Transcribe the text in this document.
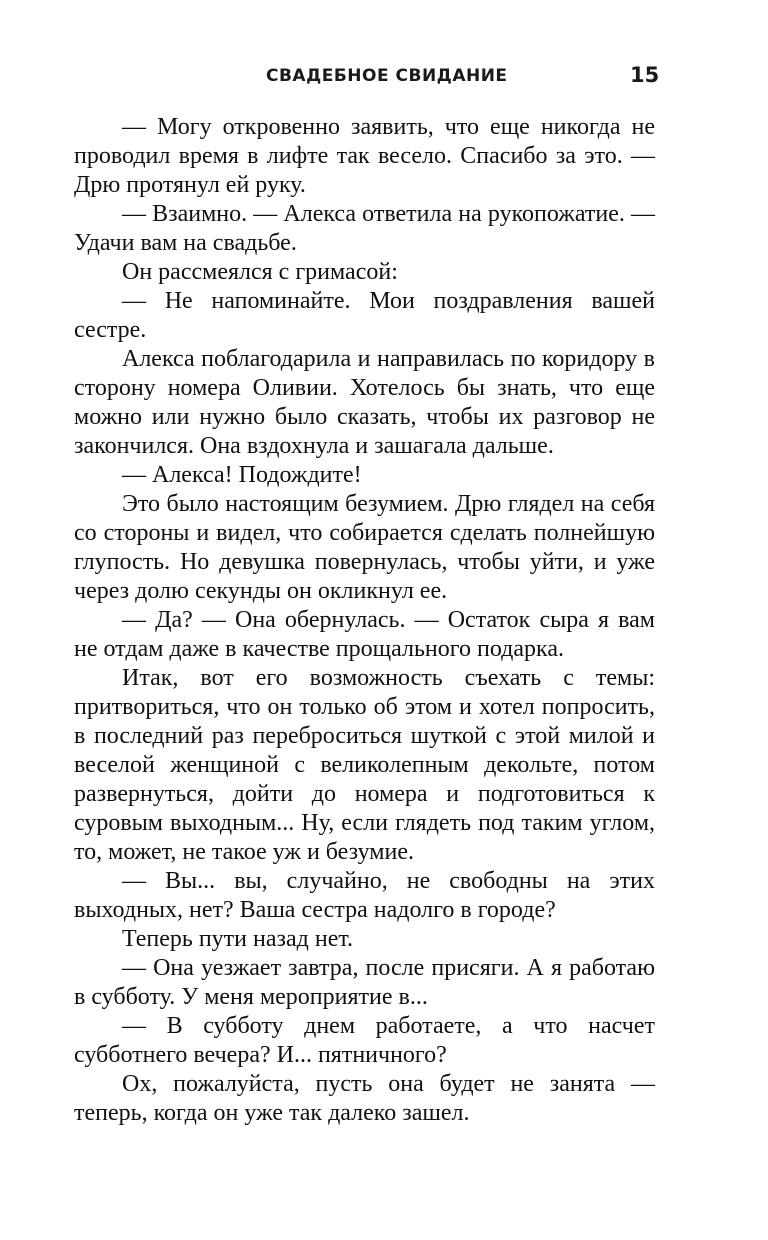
СВАДЕБНОЕ СВИДАНИЕ	15

— Могу откровенно заявить, что еще никогда не проводил время в лифте так весело. Спасибо за это. — Дрю протянул ей руку.

— Взаимно. — Алекса ответила на рукопожатие. — Удачи вам на свадьбе.

Он рассмеялся с гримасой:

— Не напоминайте. Мои поздравления вашей сестре.

Алекса поблагодарила и направилась по коридору в сторону номера Оливии. Хотелось бы знать, что еще можно или нужно было сказать, чтобы их разговор не закончился. Она вздохнула и зашагала дальше.

— Алекса! Подождите!

Это было настоящим безумием. Дрю глядел на себя со стороны и видел, что собирается сделать полнейшую глупость. Но девушка повернулась, чтобы уйти, и уже через долю секунды он окликнул ее.

— Да? — Она обернулась. — Остаток сыра я вам не отдам даже в качестве прощального подарка.

Итак, вот его возможность съехать с темы: притвориться, что он только об этом и хотел попросить, в последний раз переброситься шуткой с этой милой и веселой женщиной с великолепным декольте, потом развернуться, дойти до номера и подготовиться к суровым выходным... Ну, если глядеть под таким углом, то, может, не такое уж и безумие.

— Вы... вы, случайно, не свободны на этих выходных, нет? Ваша сестра надолго в городе?

Теперь пути назад нет.

— Она уезжает завтра, после присяги. А я работаю в субботу. У меня мероприятие в...

— В субботу днем работаете, а что насчет субботнего вечера? И... пятничного?

Ох, пожалуйста, пусть она будет не занята — теперь, когда он уже так далеко зашел.
